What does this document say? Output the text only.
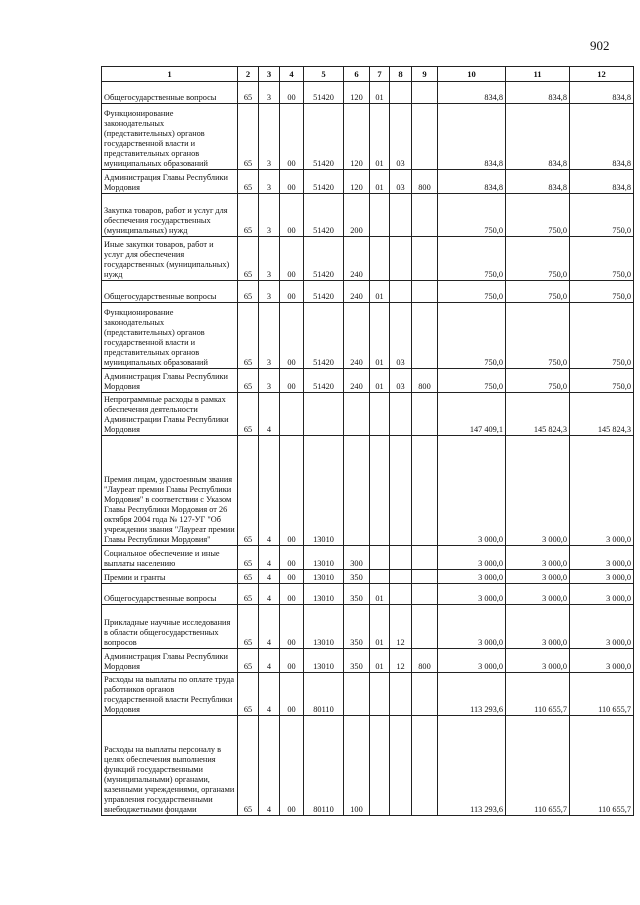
902
1	2	3	4	5	6	7	8	9	10	11	12
Общегосударственные вопросы	65	3	00	51420	120	01			834,8	834,8	834,8
Функционирование законодательных (представительных) органов государственной власти и представительных органов муниципальных образований	65	3	00	51420	120	01	03		834,8	834,8	834,8
Администрация Главы Республики Мордовия	65	3	00	51420	120	01	03	800	834,8	834,8	834,8
Закупка товаров, работ и услуг для обеспечения государственных (муниципальных) нужд	65	3	00	51420	200				750,0	750,0	750,0
Иные закупки товаров, работ и услуг для обеспечения государственных (муниципальных) нужд	65	3	00	51420	240				750,0	750,0	750,0
Общегосударственные вопросы	65	3	00	51420	240	01			750,0	750,0	750,0
Функционирование законодательных (представительных) органов государственной власти и представительных органов муниципальных образований	65	3	00	51420	240	01	03		750,0	750,0	750,0
Администрация Главы Республики Мордовия	65	3	00	51420	240	01	03	800	750,0	750,0	750,0
Непрограммные расходы в рамках обеспечения деятельности Администрации Главы Республики Мордовия	65	4							147 409,1	145 824,3	145 824,3
Премия лицам, удостоенным звания "Лауреат премии Главы Республики Мордовия" в соответствии с Указом Главы Республики Мордовия от 26 октября 2004 года № 127-УГ "Об учреждении звания "Лауреат премии Главы Республики Мордовия"	65	4	00	13010					3 000,0	3 000,0	3 000,0
Социальное обеспечение и иные выплаты населению	65	4	00	13010	300				3 000,0	3 000,0	3 000,0
Премии и гранты	65	4	00	13010	350				3 000,0	3 000,0	3 000,0
Общегосударственные вопросы	65	4	00	13010	350	01			3 000,0	3 000,0	3 000,0
Прикладные научные исследования в области общегосударственных вопросов	65	4	00	13010	350	01	12		3 000,0	3 000,0	3 000,0
Администрация Главы Республики Мордовия	65	4	00	13010	350	01	12	800	3 000,0	3 000,0	3 000,0
Расходы на выплаты по оплате труда работников органов государственной власти Республики Мордовия	65	4	00	80110					113 293,6	110 655,7	110 655,7
Расходы на выплаты персоналу в целях обеспечения выполнения функций государственными (муниципальными) органами, казенными учреждениями, органами управления государственными внебюджетными фондами	65	4	00	80110	100				113 293,6	110 655,7	110 655,7
